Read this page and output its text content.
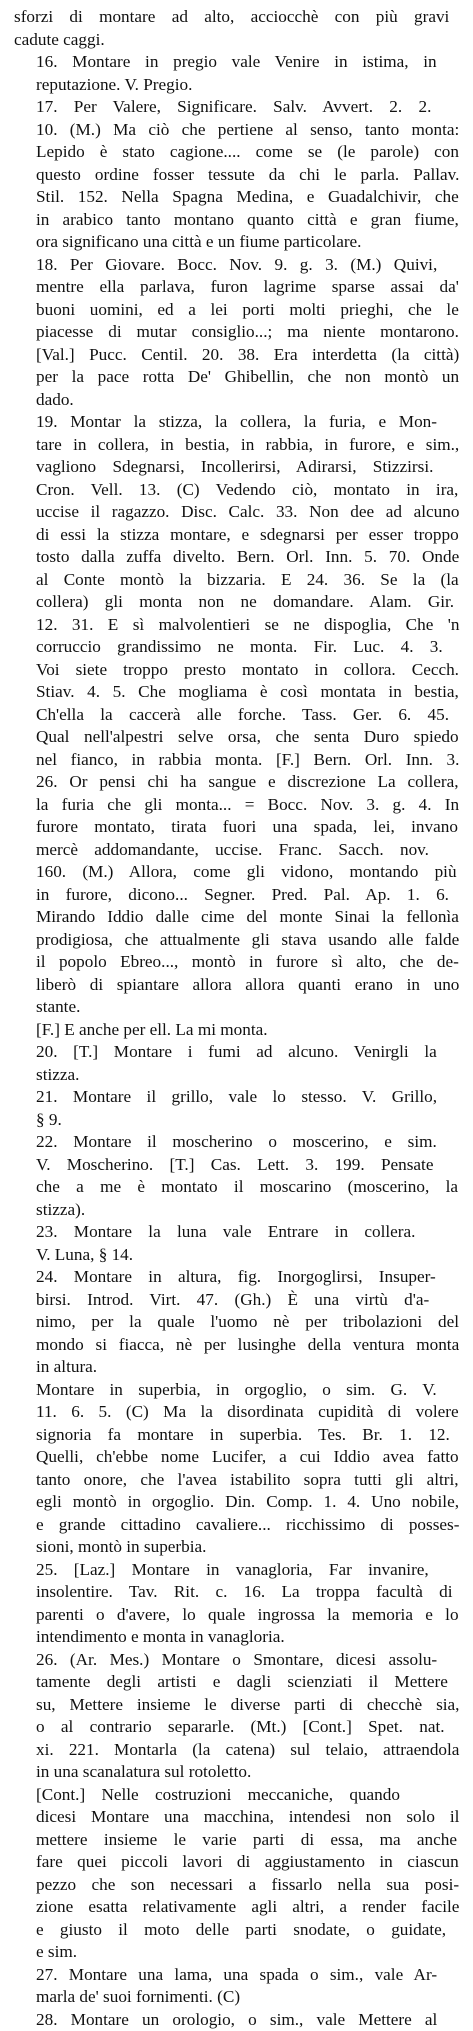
sforzi di montare ad alto, acciocchè con più gravi
cadute caggi.
16. Montare in pregio vale Venire in istima, in
reputazione. V. Pregio.
17. Per Valere, Significare. Salv. Avvert. 2. 2.
10. (M.) Ma ciò che pertiene al senso, tanto monta:
Lepido è stato cagione.... come se (le parole) con
questo ordine fosser tessute da chi le parla. Pallav.
Stil. 152. Nella Spagna Medina, e Guadalchivir, che
in arabico tanto montano quanto città e gran fiume,
ora significano una città e un fiume particolare.
18. Per Giovare. Bocc. Nov. 9. g. 3. (M.) Quivi,
mentre ella parlava, furon lagrime sparse assai da'
buoni uomini, ed a lei porti molti prieghi, che le
piacesse di mutar consiglio...; ma niente montarono.
[Val.] Pucc. Centil. 20. 38. Era interdetta (la città)
per la pace rotta De' Ghibellin, che non montò un
dado.
19. Montar la stizza, la collera, la furia, e Mon-
tare in collera, in bestia, in rabbia, in furore, e sim.,
vagliono Sdegnarsi, Incollerirsi, Adirarsi, Stizzirsi.
Cron. Vell. 13. (C) Vedendo ciò, montato in ira,
uccise il ragazzo. Disc. Calc. 33. Non dee ad alcuno
di essi la stizza montare, e sdegnarsi per esser troppo
tosto dalla zuffa divelto. Bern. Orl. Inn. 5. 70. Onde
al Conte montò la bizzaria. E 24. 36. Se la (la
collera) gli monta non ne domandare. Alam. Gir.
12. 31. E sì malvolentieri se ne dispoglia, Che 'n
corruccio grandissimo ne monta. Fir. Luc. 4. 3.
Voi siete troppo presto montato in collora. Cecch.
Stiav. 4. 5. Che mogliama è così montata in bestia,
Ch'ella la caccerà alle forche. Tass. Ger. 6. 45.
Qual nell'alpestri selve orsa, che senta Duro spiedo
nel fianco, in rabbia monta. [F.] Bern. Orl. Inn. 3.
26. Or pensi chi ha sangue e discrezione La collera,
la furia che gli monta... = Bocc. Nov. 3. g. 4. In
furore montato, tirata fuori una spada, lei, invano
mercè addomandante, uccise. Franc. Sacch. nov.
160. (M.) Allora, come gli vidono, montando più
in furore, dicono... Segner. Pred. Pal. Ap. 1. 6.
Mirando Iddio dalle cime del monte Sinai la fellonìa
prodigiosa, che attualmente gli stava usando alle falde
il popolo Ebreo..., montò in furore sì alto, che de-
liberò di spiantare allora allora quanti erano in uno
stante.
[F.] E anche per ell. La mi monta.
20. [T.] Montare i fumi ad alcuno. Venirgli la
stizza.
21. Montare il grillo, vale lo stesso. V. Grillo,
§ 9.
22. Montare il moscherino o moscerino, e sim.
V. Moscherino. [T.] Cas. Lett. 3. 199. Pensate
che a me è montato il moscarino (moscerino, la
stizza).
23. Montare la luna vale Entrare in collera.
V. Luna, § 14.
24. Montare in altura, fig. Inorgoglirsi, Insuper-
birsi. Introd. Virt. 47. (Gh.) È una virtù d'a-
nimo, per la quale l'uomo nè per tribolazioni del
mondo si fiacca, nè per lusinghe della ventura monta
in altura.
Montare in superbia, in orgoglio, o sim. G. V.
11. 6. 5. (C) Ma la disordinata cupidità di volere
signoria fa montare in superbia. Tes. Br. 1. 12.
Quelli, ch'ebbe nome Lucifer, a cui Iddio avea fatto
tanto onore, che l'avea istabilito sopra tutti gli altri,
egli montò in orgoglio. Din. Comp. 1. 4. Uno nobile,
e grande cittadino cavaliere... ricchissimo di posses-
sioni, montò in superbia.
25. [Laz.] Montare in vanagloria, Far invanire,
insolentire. Tav. Rit. c. 16. La troppa facultà di
parenti o d'avere, lo quale ingrossa la memoria e lo
intendimento e monta in vanagloria.
26. (Ar. Mes.) Montare o Smontare, dicesi assolu-
tamente degli artisti e dagli scienziati il Mettere
su, Mettere insieme le diverse parti di checchè sia,
o al contrario separarle. (Mt.) [Cont.] Spet. nat.
xi. 221. Montarla (la catena) sul telaio, attraendola
in una scanalatura sul rotoletto.
[Cont.] Nelle costruzioni meccaniche, quando
dicesi Montare una macchina, intendesi non solo il
mettere insieme le varie parti di essa, ma anche
fare quei piccoli lavori di aggiustamento in ciascun
pezzo che son necessari a fissarlo nella sua posi-
zione esatta relativamente agli altri, a render facile
e giusto il moto delle parti snodate, o guidate,
e sim.
27. Montare una lama, una spada o sim., vale Ar-
marla de' suoi fornimenti. (C)
28. Montare un orologio, o sim., vale Mettere al
